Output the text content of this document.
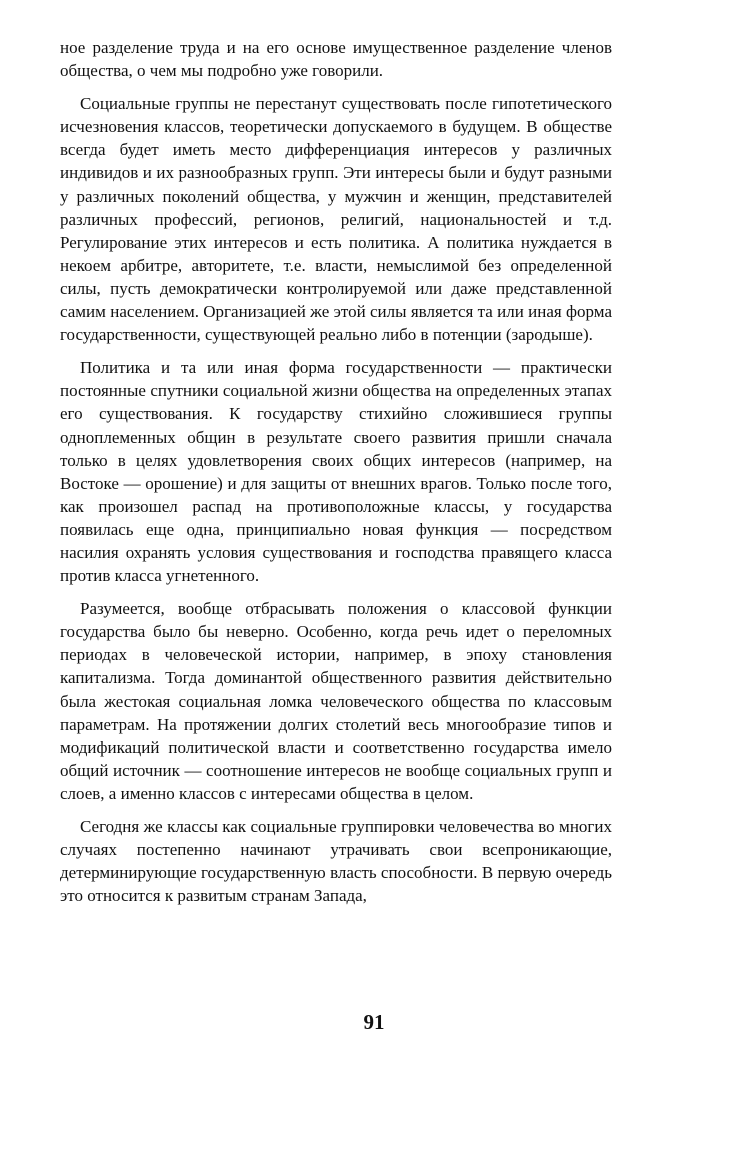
ное разделение труда и на его основе имущественное разделение членов общества, о чем мы подробно уже говорили.

Социальные группы не перестанут существовать после гипотетического исчезновения классов, теоретически допускаемого в будущем. В обществе всегда будет иметь место дифференциация интересов у различных индивидов и их разнообразных групп. Эти интересы были и будут разными у различных поколений общества, у мужчин и женщин, представителей различных профессий, регионов, религий, национальностей и т.д. Регулирование этих интересов и есть политика. А политика нуждается в некоем арбитре, авторитете, т.е. власти, немыслимой без определенной силы, пусть демократически контролируемой или даже представленной самим населением. Организацией же этой силы является та или иная форма государственности, существующей реально либо в потенции (зародыше).

Политика и та или иная форма государственности — практически постоянные спутники социальной жизни общества на определенных этапах его существования. К государству стихийно сложившиеся группы одноплеменных общин в результате своего развития пришли сначала только в целях удовлетворения своих общих интересов (например, на Востоке — орошение) и для защиты от внешних врагов. Только после того, как произошел распад на противоположные классы, у государства появилась еще одна, принципиально новая функция — посредством насилия охранять условия существования и господства правящего класса против класса угнетенного.

Разумеется, вообще отбрасывать положения о классовой функции государства было бы неверно. Особенно, когда речь идет о переломных периодах в человеческой истории, например, в эпоху становления капитализма. Тогда доминантой общественного развития действительно была жестокая социальная ломка человеческого общества по классовым параметрам. На протяжении долгих столетий весь многообразие типов и модификаций политической власти и соответственно государства имело общий источник — соотношение интересов не вообще социальных групп и слоев, а именно классов с интересами общества в целом.

Сегодня же классы как социальные группировки человечества во многих случаях постепенно начинают утрачивать свои всепроникающие, детерминирующие государственную власть способности. В первую очередь это относится к развитым странам Запада,

91
